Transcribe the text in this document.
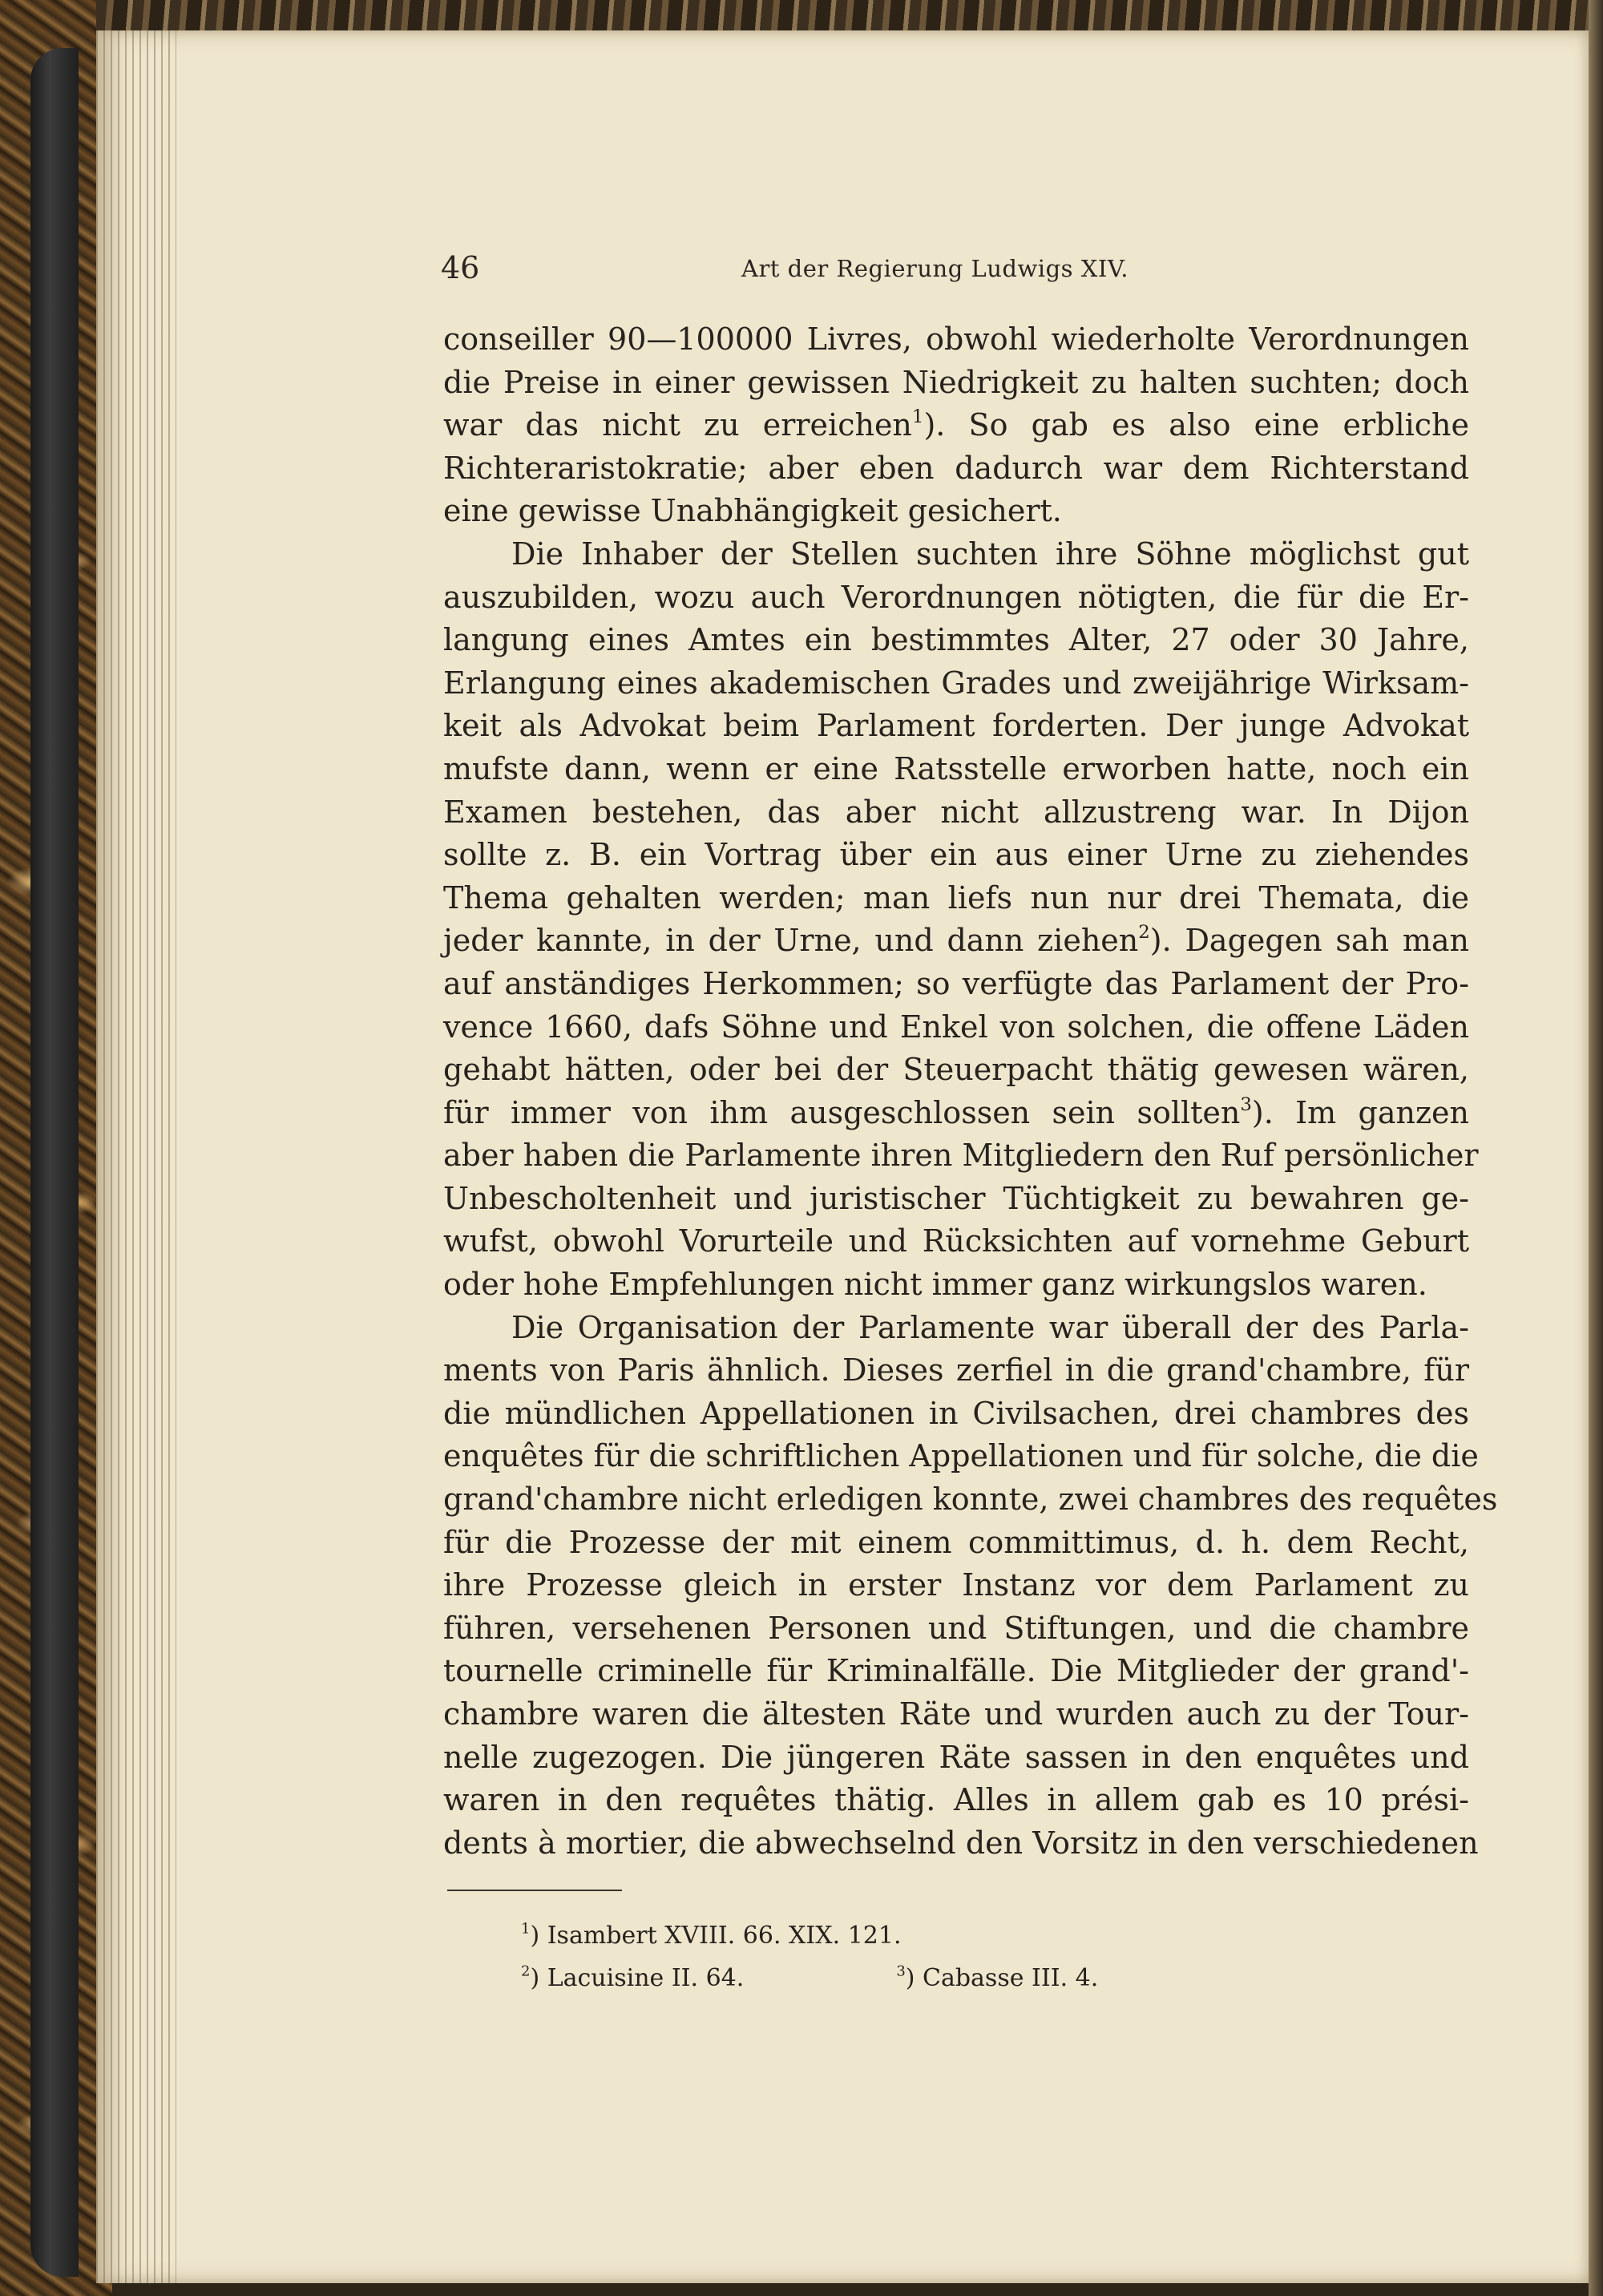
46	Art der Regierung Ludwigs XIV.
conseiller 90—100000 Livres, obwohl wiederholte Verordnungen
die Preise in einer gewissen Niedrigkeit zu halten suchten; doch
war das nicht zu erreichen$^1$). So gab es also eine erbliche
Richteraristokratie; aber eben dadurch war dem Richterstand
eine gewisse Unabhängigkeit gesichert.
Die Inhaber der Stellen suchten ihre Söhne möglichst gut
auszubilden, wozu auch Verordnungen nötigten, die für die Er-
langung eines Amtes ein bestimmtes Alter, 27 oder 30 Jahre,
Erlangung eines akademischen Grades und zweijährige Wirksam-
keit als Advokat beim Parlament forderten. Der junge Advokat
mufste dann, wenn er eine Ratsstelle erworben hatte, noch ein
Examen bestehen, das aber nicht allzustreng war. In Dijon
sollte z. B. ein Vortrag über ein aus einer Urne zu ziehendes
Thema gehalten werden; man liefs nun nur drei Themata, die
jeder kannte, in der Urne, und dann ziehen$^2$). Dagegen sah man
auf anständiges Herkommen; so verfügte das Parlament der Pro-
vence 1660, dafs Söhne und Enkel von solchen, die offene Läden
gehabt hätten, oder bei der Steuerpacht thätig gewesen wären,
für immer von ihm ausgeschlossen sein sollten$^3$). Im ganzen
aber haben die Parlamente ihren Mitgliedern den Ruf persönlicher
Unbescholtenheit und juristischer Tüchtigkeit zu bewahren ge-
wufst, obwohl Vorurteile und Rücksichten auf vornehme Geburt
oder hohe Empfehlungen nicht immer ganz wirkungslos waren.
Die Organisation der Parlamente war überall der des Parla-
ments von Paris ähnlich. Dieses zerfiel in die grand'chambre, für
die mündlichen Appellationen in Civilsachen, drei chambres des
enquêtes für die schriftlichen Appellationen und für solche, die die
grand'chambre nicht erledigen konnte, zwei chambres des requêtes
für die Prozesse der mit einem committimus, d. h. dem Recht,
ihre Prozesse gleich in erster Instanz vor dem Parlament zu
führen, versehenen Personen und Stiftungen, und die chambre
tournelle criminelle für Kriminalfälle. Die Mitglieder der grand'-
chambre waren die ältesten Räte und wurden auch zu der Tour-
nelle zugezogen. Die jüngeren Räte sassen in den enquêtes und
waren in den requêtes thätig. Alles in allem gab es 10 prési-
dents à mortier, die abwechselnd den Vorsitz in den verschiedenen
$^1$) Isambert XVIII. 66. XIX. 121.
$^2$) Lacuisine II. 64.	$^3$) Cabasse III. 4.
